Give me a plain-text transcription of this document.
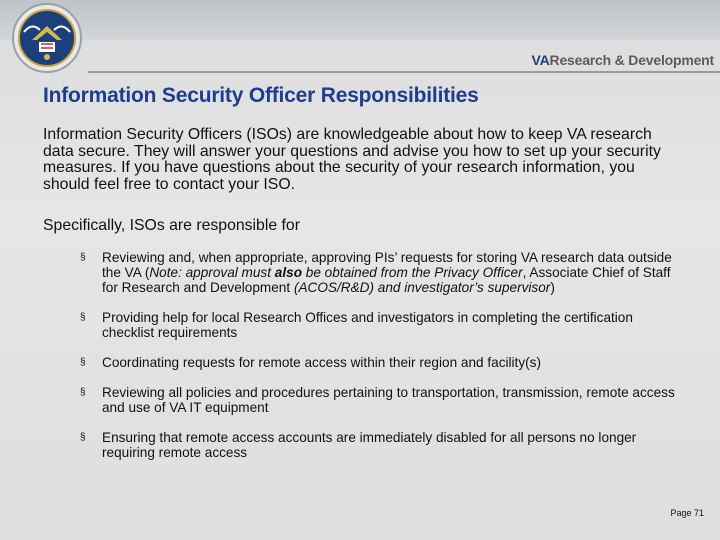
VAResearch & Development
Information Security Officer Responsibilities

Information Security Officers (ISOs) are knowledgeable about how to keep VA research data secure. They will answer your questions and advise you how to set up your security measures. If you have questions about the security of your research information, you should feel free to contact your ISO.

Specifically, ISOs are responsible for

§ Reviewing and, when appropriate, approving PIs’ requests for storing VA research data outside the VA (Note: approval must also be obtained from the Privacy Officer, Associate Chief of Staff for Research and Development (ACOS/R&D) and investigator’s supervisor)
§ Providing help for local Research Offices and investigators in completing the certification checklist requirements
§ Coordinating requests for remote access within their region and facility(s)
§ Reviewing all policies and procedures pertaining to transportation, transmission, remote access and use of VA IT equipment
§ Ensuring that remote access accounts are immediately disabled for all persons no longer requiring remote access
Page 71
